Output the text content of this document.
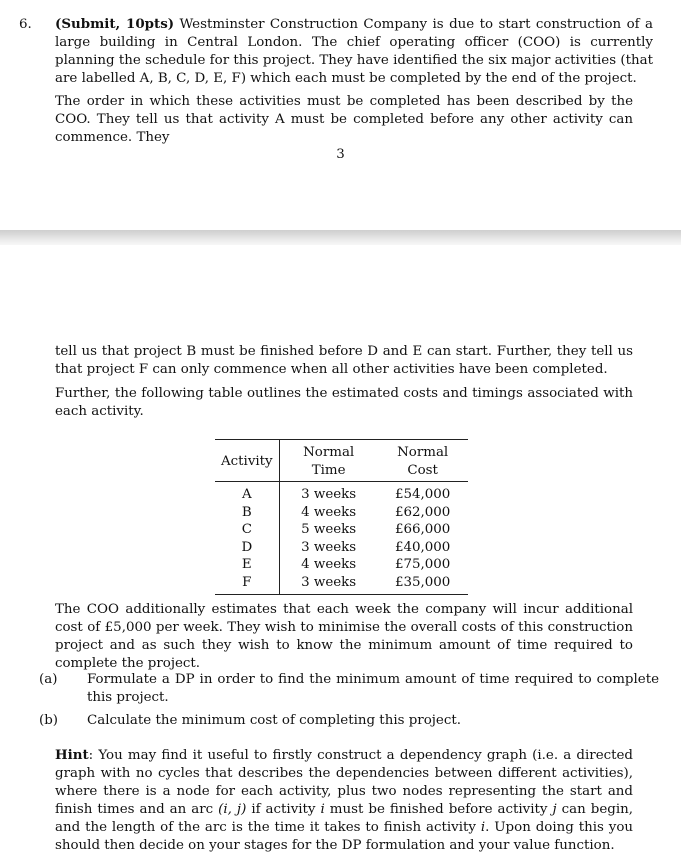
6. (Submit, 10pts) Westminster Construction Company is due to start construction of a large building in Central London. The chief operating officer (COO) is currently planning the schedule for this project. They have identified the six major activities (that are labelled A, B, C, D, E, F) which each must be completed by the end of the project.

The order in which these activities must be completed has been described by the COO. They tell us that activity A must be completed before any other activity can commence. They

3

tell us that project B must be finished before D and E can start. Further, they tell us that project F can only commence when all other activities have been completed.

Further, the following table outlines the estimated costs and timings associated with each activity.

Activity	Normal Time	Normal Cost
A	3 weeks	£54,000
B	4 weeks	£62,000
C	5 weeks	£66,000
D	3 weeks	£40,000
E	4 weeks	£75,000
F	3 weeks	£35,000

The COO additionally estimates that each week the company will incur additional cost of £5,000 per week. They wish to minimise the overall costs of this construction project and as such they wish to know the minimum amount of time required to complete the project.

(a) Formulate a DP in order to find the minimum amount of time required to complete this project.

(b) Calculate the minimum cost of completing this project.

Hint: You may find it useful to firstly construct a dependency graph (i.e. a directed graph with no cycles that describes the dependencies between different activities), where there is a node for each activity, plus two nodes representing the start and finish times and an arc (i, j) if activity i must be finished before activity j can begin, and the length of the arc is the time it takes to finish activity i. Upon doing this you should then decide on your stages for the DP formulation and your value function.
